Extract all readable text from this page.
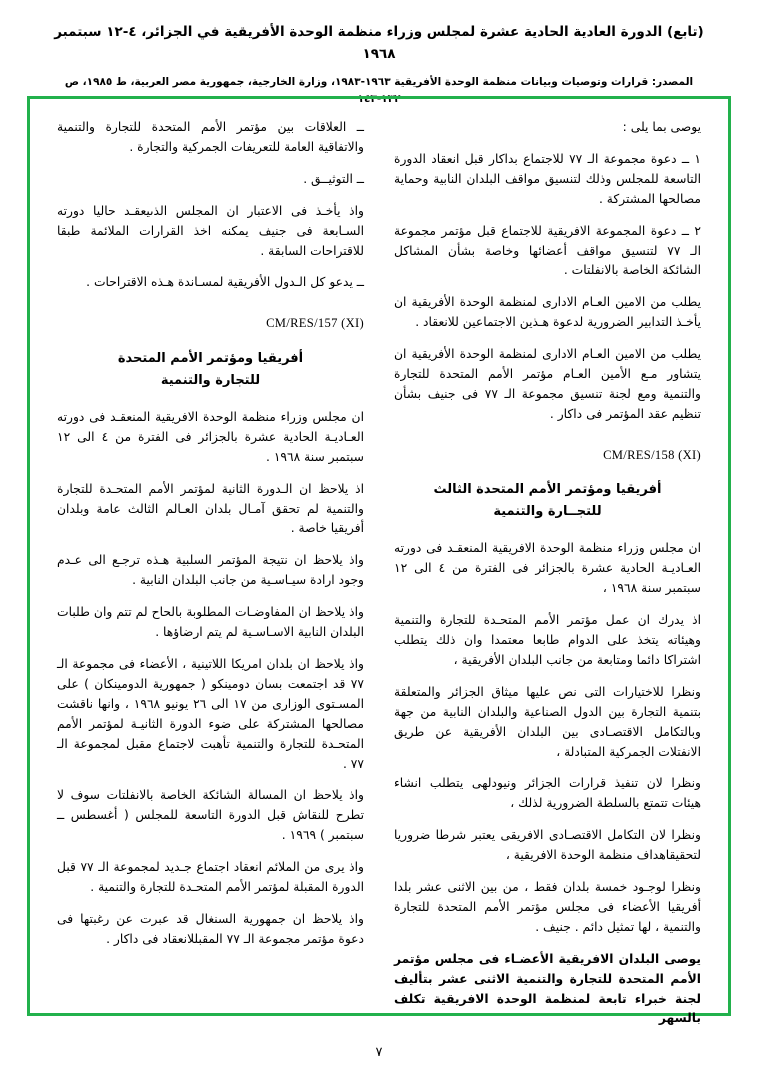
(تابع) الدورة العادية الحادية عشرة لمجلس وزراء منظمة الوحدة الأفريقية في الجزائر، ٤-١٢ سبتمبر ١٩٦٨
المصدر: قرارات وتوصيات وبيانات منظمة الوحدة الأفريقية ١٩٦٣-١٩٨٣، وزارة الخارجية، جمهورية مصر العربية، ط ١٩٨٥، ص ١٣٢-١٤٣

يوصى بما يلى :

١ ــ دعوة مجموعة الـ ٧٧ للاجتماع بداكار قبل انعقاد الدورة التاسعة للمجلس وذلك لتنسيق مواقف البلدان النابية وحماية مصالحها المشتركة .

٢ ــ دعوة المجموعة الافريقية للاجتماع قبل مؤتمر مجموعة الـ ٧٧ لتنسيق مواقف أعضائها وخاصة بشأن المشاكل الشائكة الخاصة بالانفلتات .

يطلب من الامين العـام الادارى لمنظمة الوحدة الأفريقية ان يأخـذ التدابير الضرورية لدعوة هـذين الاجتماعين للانعقاد .

يطلب من الامين العـام الادارى لمنظمة الوحدة الأفريقية ان يتشاور مـع الأمين العـام مؤتمر الأمم المتحدة للتجارة والتنمية ومع لجنة تنسيق مجموعة الـ ٧٧ فى جنيف بشأن تنظيم عقد المؤتمر فى داكار .

CM/RES/158 (XI)
أفريقيا ومؤتمر الأمم المتحدة الثالث
للتجــارة والتنمية

ان مجلس وزراء منظمة الوحدة الافريقية المنعقـد فى دورته العـاديـة الحادية عشرة بالجزائر فى الفترة من ٤ الى ١٢ سبتمبر سنة ١٩٦٨ ،

اذ يدرك ان عمل مؤتمر الأمم المتحـدة للتجارة والتنمية وهيئاته يتخذ على الدوام طابعا معتمدا وان ذلك يتطلب اشتراكا دائما ومتابعة من جانب البلدان الأفريقية ،

ونظرا للاختيارات التى نص عليها ميثاق الجزائر والمتعلقة بتنمية التجارة بين الدول الصناعية والبلدان النابية من جهة وبالتكامل الاقتصـادى بين البلدان الأفريقية عن طريق الانفتلات الجمركية المتبادلة ،

ونظرا لان تنفيذ قرارات الجزائر ونيودلهى يتطلب انشاء هيئات تتمتع بالسلطة الضرورية لذلك ،

ونظرا لان التكامل الاقتصـادى الافريقى يعتبر شرطا ضروريا لتحقيقاهداف منظمة الوحدة الافريقية ،

ونظرا لوجـود خمسة بلدان فقط ، من بين الاثنى عشر بلدا أفريقيا الأعضاء فى مجلس مؤتمر الأمم المتحدة للتجارة والتنمية ، لها تمثيل دائم . جنيف .

يوصى البلدان الافريقية الأعضـاء فى مجلس مؤتمر الأمم المتحدة للتجارة والتنمية الاثنى عشر بتأليف لجنة خبراء تابعة لمنظمة الوحدة الافريقية تكلف بالسهر

ــ العلاقات بين مؤتمر الأمم المتحدة للتجارة والتنمية والاتفاقية العامة للتعريفات الجمركية والتجارة .

ــ التوثيــق .

واذ يأخـذ فى الاعتبار ان المجلس الذىيعقـد حاليا دورته السـابعة فى جنيف يمكنه اخذ القرارات الملائمة طبقا للاقتراحات السابقة .

ــ يدعو كل الـدول الأفريقية لمسـاندة هـذه الاقتراحات .

CM/RES/157 (XI)
أفريقيا ومؤتمر الأمم المتحدة
للتجارة والتنمية

ان مجلس وزراء منظمة الوحدة الافريقية المنعقـد فى دورته العـاديـة الحادية عشرة بالجزائر فى الفترة من ٤ الى ١٢ سبتمبر سنة ١٩٦٨ .

اذ يلاحظ ان الـدورة الثانية لمؤتمر الأمم المتحـدة للتجارة والتنمية لم تحقق آمـال بلدان العـالم الثالث عامة وبلدان أفريقيا خاصة .

واذ يلاحظ ان نتيجة المؤتمر السلبية هـذه ترجـع الى عـدم وجود ارادة سيـاسـية من جانب البلدان النابية .

واذ يلاحظ ان المفاوضـات المطلوبة بالحاح لم تتم وان طلبات البلدان النابية الاسـاسـية لم يتم ارضاؤها .

واذ يلاحظ ان بلدان امريكا اللاتينية ، الأعضاء فى مجموعة الـ ٧٧ قد اجتمعت بسان دومينكو ( جمهورية الدومينكان ) على المسـتوى الوزارى من ١٧ الى ٢٦ يونيو ١٩٦٨ ، وانها ناقشت مصالحها المشتركة على ضوء الدورة الثانيـة لمؤتمر الأمم المتحـدة للتجارة والتنمية تأهبت لاجتماع مقبل لمجموعة الـ ٧٧ .

واذ يلاحظ ان المسالة الشائكة الخاصة بالانفلتات سوف لا تطرح للنقاش قبل الدورة التاسعة للمجلس ( أغسطس ــ سبتمبر ) ١٩٦٩ .

واذ يرى من الملائم انعقاد اجتماع جـديد لمجموعة الـ ٧٧ قبل الدورة المقبلة لمؤتمر الأمم المتحـدة للتجارة والتنمية .

واذ يلاحظ ان جمهورية السنغال قد عبرت عن رغبتها فى دعوة مؤتمر مجموعة الـ ٧٧ المقبللانعقاد فى داكار .

٧
